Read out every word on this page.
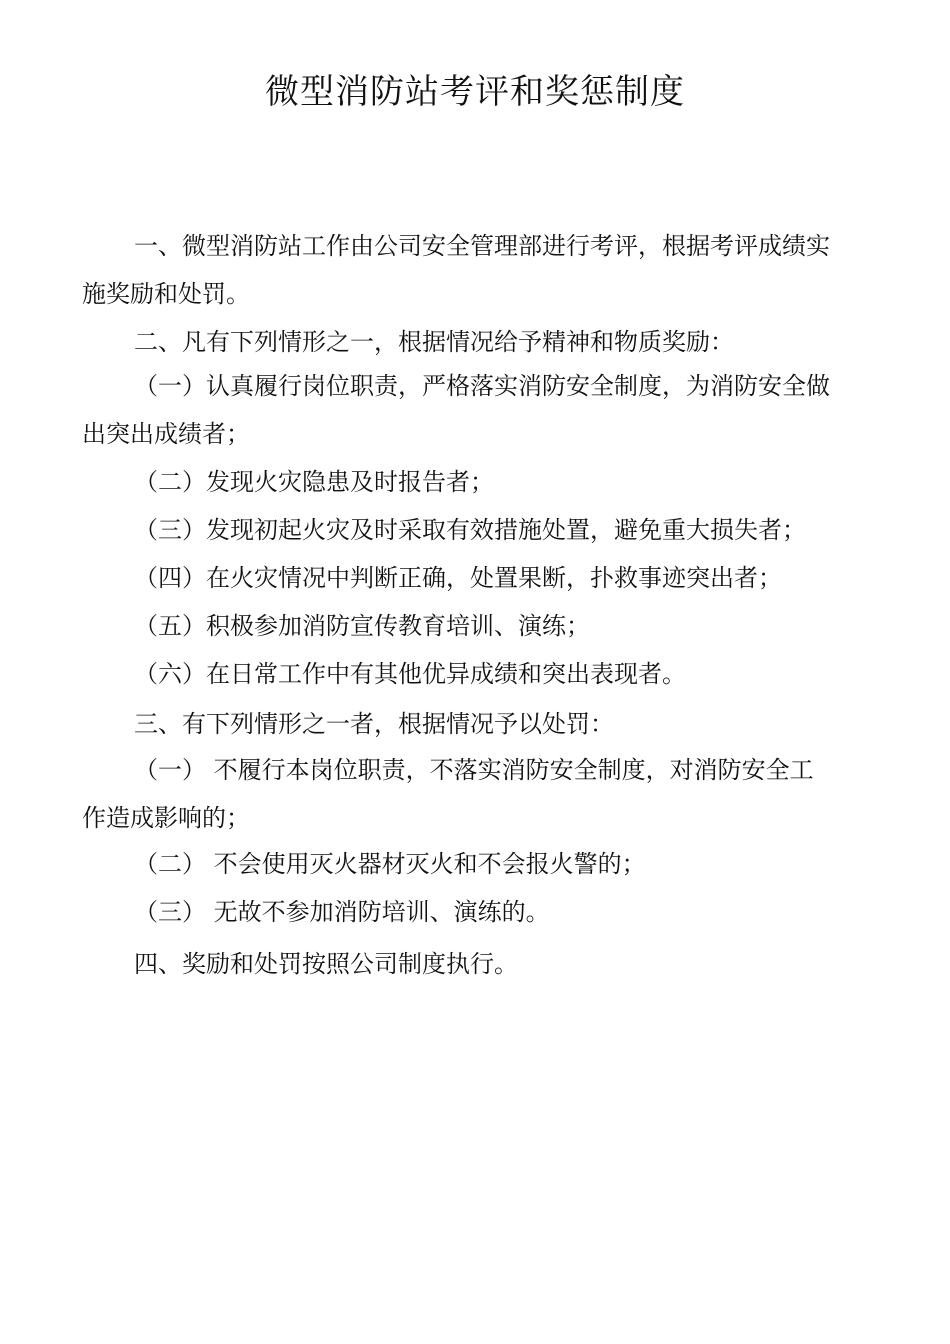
微型消防站考评和奖惩制度

一、微型消防站工作由公司安全管理部进行考评，根据考评成绩实
施奖励和处罚。

二、凡有下列情形之一，根据情况给予精神和物质奖励：

（一）认真履行岗位职责，严格落实消防安全制度，为消防安全做
出突出成绩者；

（二）发现火灾隐患及时报告者；

（三）发现初起火灾及时采取有效措施处置，避免重大损失者；

（四）在火灾情况中判断正确，处置果断，扑救事迹突出者；

（五）积极参加消防宣传教育培训、演练；

（六）在日常工作中有其他优异成绩和突出表现者。

三、有下列情形之一者，根据情况予以处罚：

（一） 不履行本岗位职责，不落实消防安全制度，对消防安全工
作造成影响的；

（二） 不会使用灭火器材灭火和不会报火警的；

（三） 无故不参加消防培训、演练的。

四、奖励和处罚按照公司制度执行。
